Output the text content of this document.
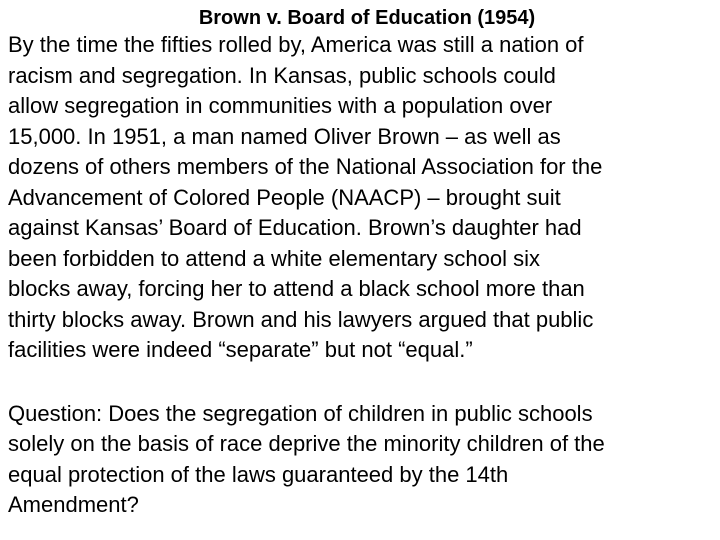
Brown v. Board of Education (1954)

By the time the fifties rolled by, America was still a nation of
racism and segregation. In Kansas, public schools could
allow segregation in communities with a population over
15,000. In 1951, a man named Oliver Brown – as well as
dozens of others members of the National Association for the
Advancement of Colored People (NAACP) – brought suit
against Kansas’ Board of Education. Brown’s daughter had
been forbidden to attend a white elementary school six
blocks away, forcing her to attend a black school more than
thirty blocks away. Brown and his lawyers argued that public
facilities were indeed “separate” but not “equal.”

Question: Does the segregation of children in public schools
solely on the basis of race deprive the minority children of the
equal protection of the laws guaranteed by the 14th
Amendment?
